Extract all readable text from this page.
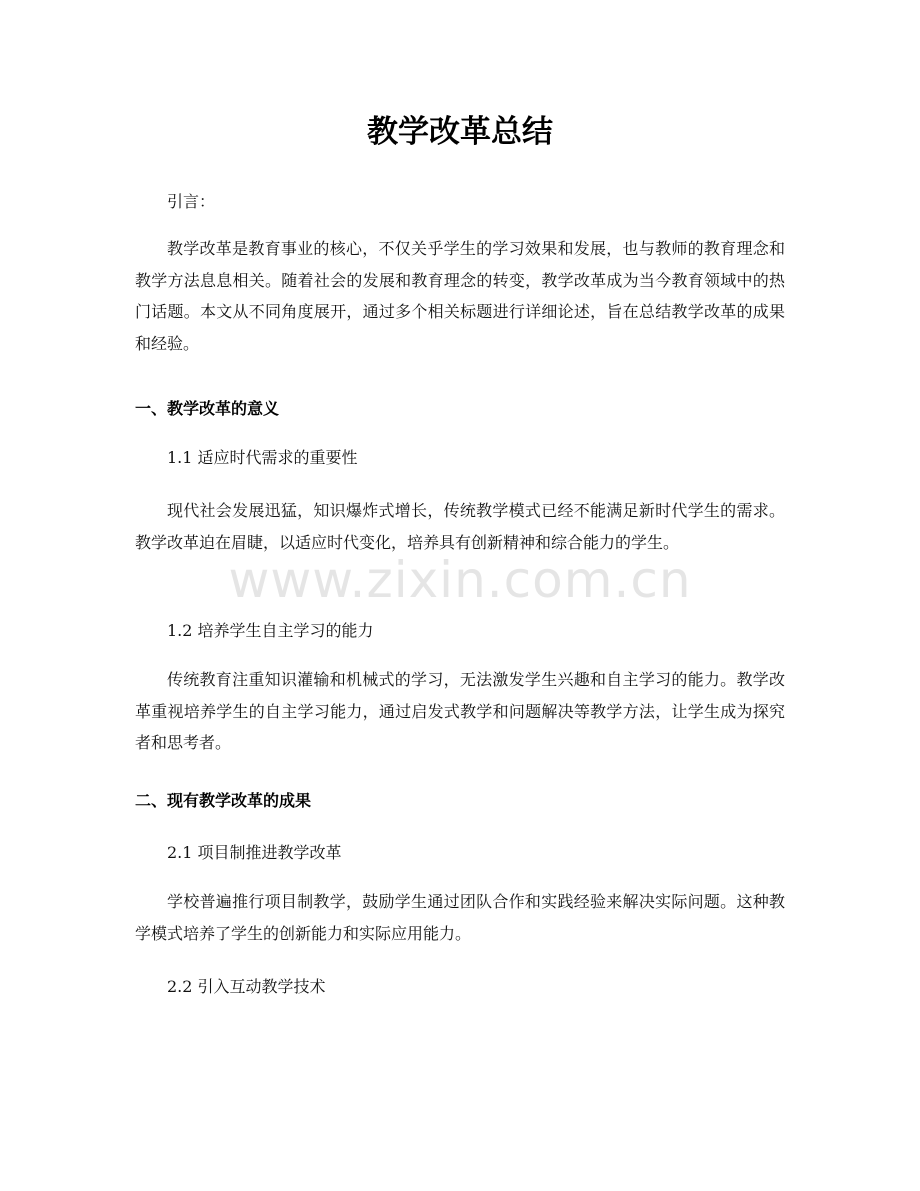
教学改革总结

引言：

教学改革是教育事业的核心，不仅关乎学生的学习效果和发展，也与教师的教育理念和教学方法息息相关。随着社会的发展和教育理念的转变，教学改革成为当今教育领域中的热门话题。本文从不同角度展开，通过多个相关标题进行详细论述，旨在总结教学改革的成果和经验。

一、教学改革的意义

1.1 适应时代需求的重要性

现代社会发展迅猛，知识爆炸式增长，传统教学模式已经不能满足新时代学生的需求。教学改革迫在眉睫，以适应时代变化，培养具有创新精神和综合能力的学生。

1.2 培养学生自主学习的能力

传统教育注重知识灌输和机械式的学习，无法激发学生兴趣和自主学习的能力。教学改革重视培养学生的自主学习能力，通过启发式教学和问题解决等教学方法，让学生成为探究者和思考者。

二、现有教学改革的成果

2.1 项目制推进教学改革

学校普遍推行项目制教学，鼓励学生通过团队合作和实践经验来解决实际问题。这种教学模式培养了学生的创新能力和实际应用能力。

2.2 引入互动教学技术

www.zixin.com.cn
